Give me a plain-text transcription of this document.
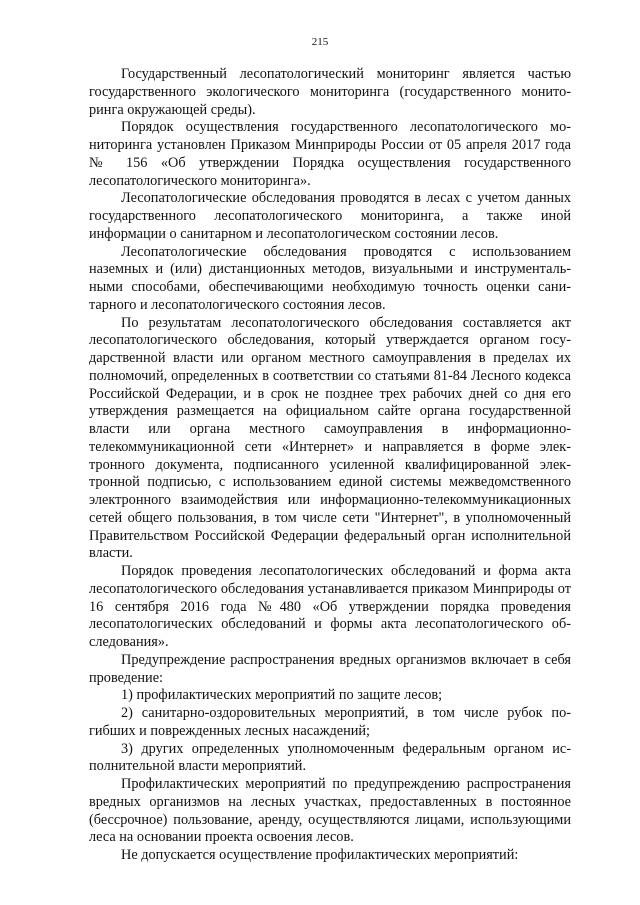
215

Государственный лесопатологический мониторинг является частью государственного экологического мониторинга (государственного мониторинга окружающей среды).

Порядок осуществления государственного лесопатологического мониторинга установлен Приказом Минприроды России от 05 апреля 2017 года № 156 «Об утверждении Порядка осуществления государственного лесопатологического мониторинга».

Лесопатологические обследования проводятся в лесах с учетом данных государственного лесопатологического мониторинга, а также иной информации о санитарном и лесопатологическом состоянии лесов.

Лесопатологические обследования проводятся с использованием наземных и (или) дистанционных методов, визуальными и инструментальными способами, обеспечивающими необходимую точность оценки санитарного и лесопатологического состояния лесов.

По результатам лесопатологического обследования составляется акт лесопатологического обследования, который утверждается органом государственной власти или органом местного самоуправления в пределах их полномочий, определенных в соответствии со статьями 81-84 Лесного кодекса Российской Федерации, и в срок не позднее трех рабочих дней со дня его утверждения размещается на официальном сайте органа государственной власти или органа местного самоуправления в информационно-телекоммуникационной сети «Интернет» и направляется в форме электронного документа, подписанного усиленной квалифицированной электронной подписью, с использованием единой системы межведомственного электронного взаимодействия или информационно-телекоммуникационных сетей общего пользования, в том числе сети "Интернет", в уполномоченный Правительством Российской Федерации федеральный орган исполнительной власти.

Порядок проведения лесопатологических обследований и форма акта лесопатологического обследования устанавливается приказом Минприроды от 16 сентября 2016 года №480 «Об утверждении порядка проведения лесопатологических обследований и формы акта лесопатологического обследования».

Предупреждение распространения вредных организмов включает в себя проведение:

1) профилактических мероприятий по защите лесов;

2) санитарно-оздоровительных мероприятий, в том числе рубок погибших и поврежденных лесных насаждений;

3) других определенных уполномоченным федеральным органом исполнительной власти мероприятий.

Профилактических мероприятий по предупреждению распространения вредных организмов на лесных участках, предоставленных в постоянное (бессрочное) пользование, аренду, осуществляются лицами, использующими леса на основании проекта освоения лесов.

Не допускается осуществление профилактических мероприятий:
